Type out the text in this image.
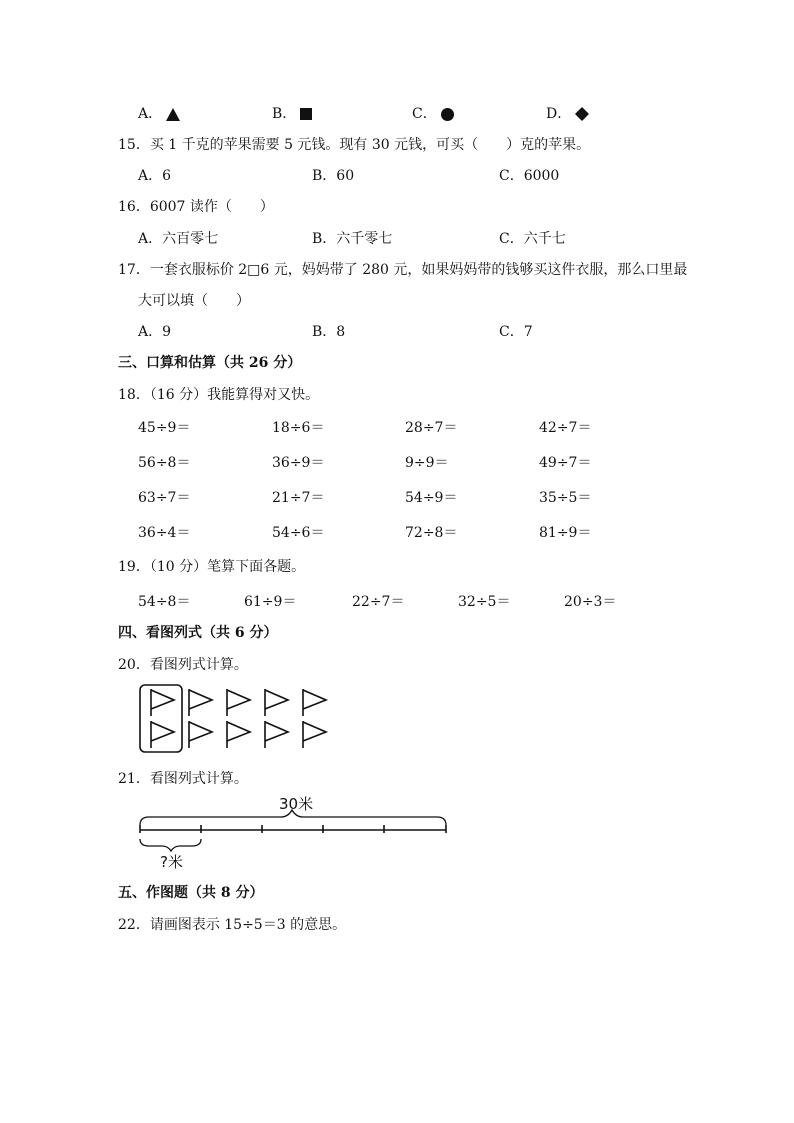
A．	B．	C．	D．
15．买 1 千克的苹果需要 5 元钱。现有 30 元钱，可买（　　）克的苹果。
A．6	B．60	C．6000
16．6007 读作（　　）
A．六百零七	B．六千零七	C．六千七
17．一套衣服标价 2□6 元，妈妈带了 280 元，如果妈妈带的钱够买这件衣服，那么口里最
大可以填（　　）
A．9	B．8	C．7
三、口算和估算（共 26 分）
18．（16 分）我能算得对又快。
45÷9＝	18÷6＝	28÷7＝	42÷7＝
56÷8＝	36÷9＝	9÷9＝	49÷7＝
63÷7＝	21÷7＝	54÷9＝	35÷5＝
36÷4＝	54÷6＝	72÷8＝	81÷9＝
19．（10 分）笔算下面各题。
54÷8＝	61÷9＝	22÷7＝	32÷5＝	20÷3＝
四、看图列式（共 6 分）
20．看图列式计算。
21．看图列式计算。
30米
?米
五、作图题（共 8 分）
22．请画图表示 15÷5＝3 的意思。
